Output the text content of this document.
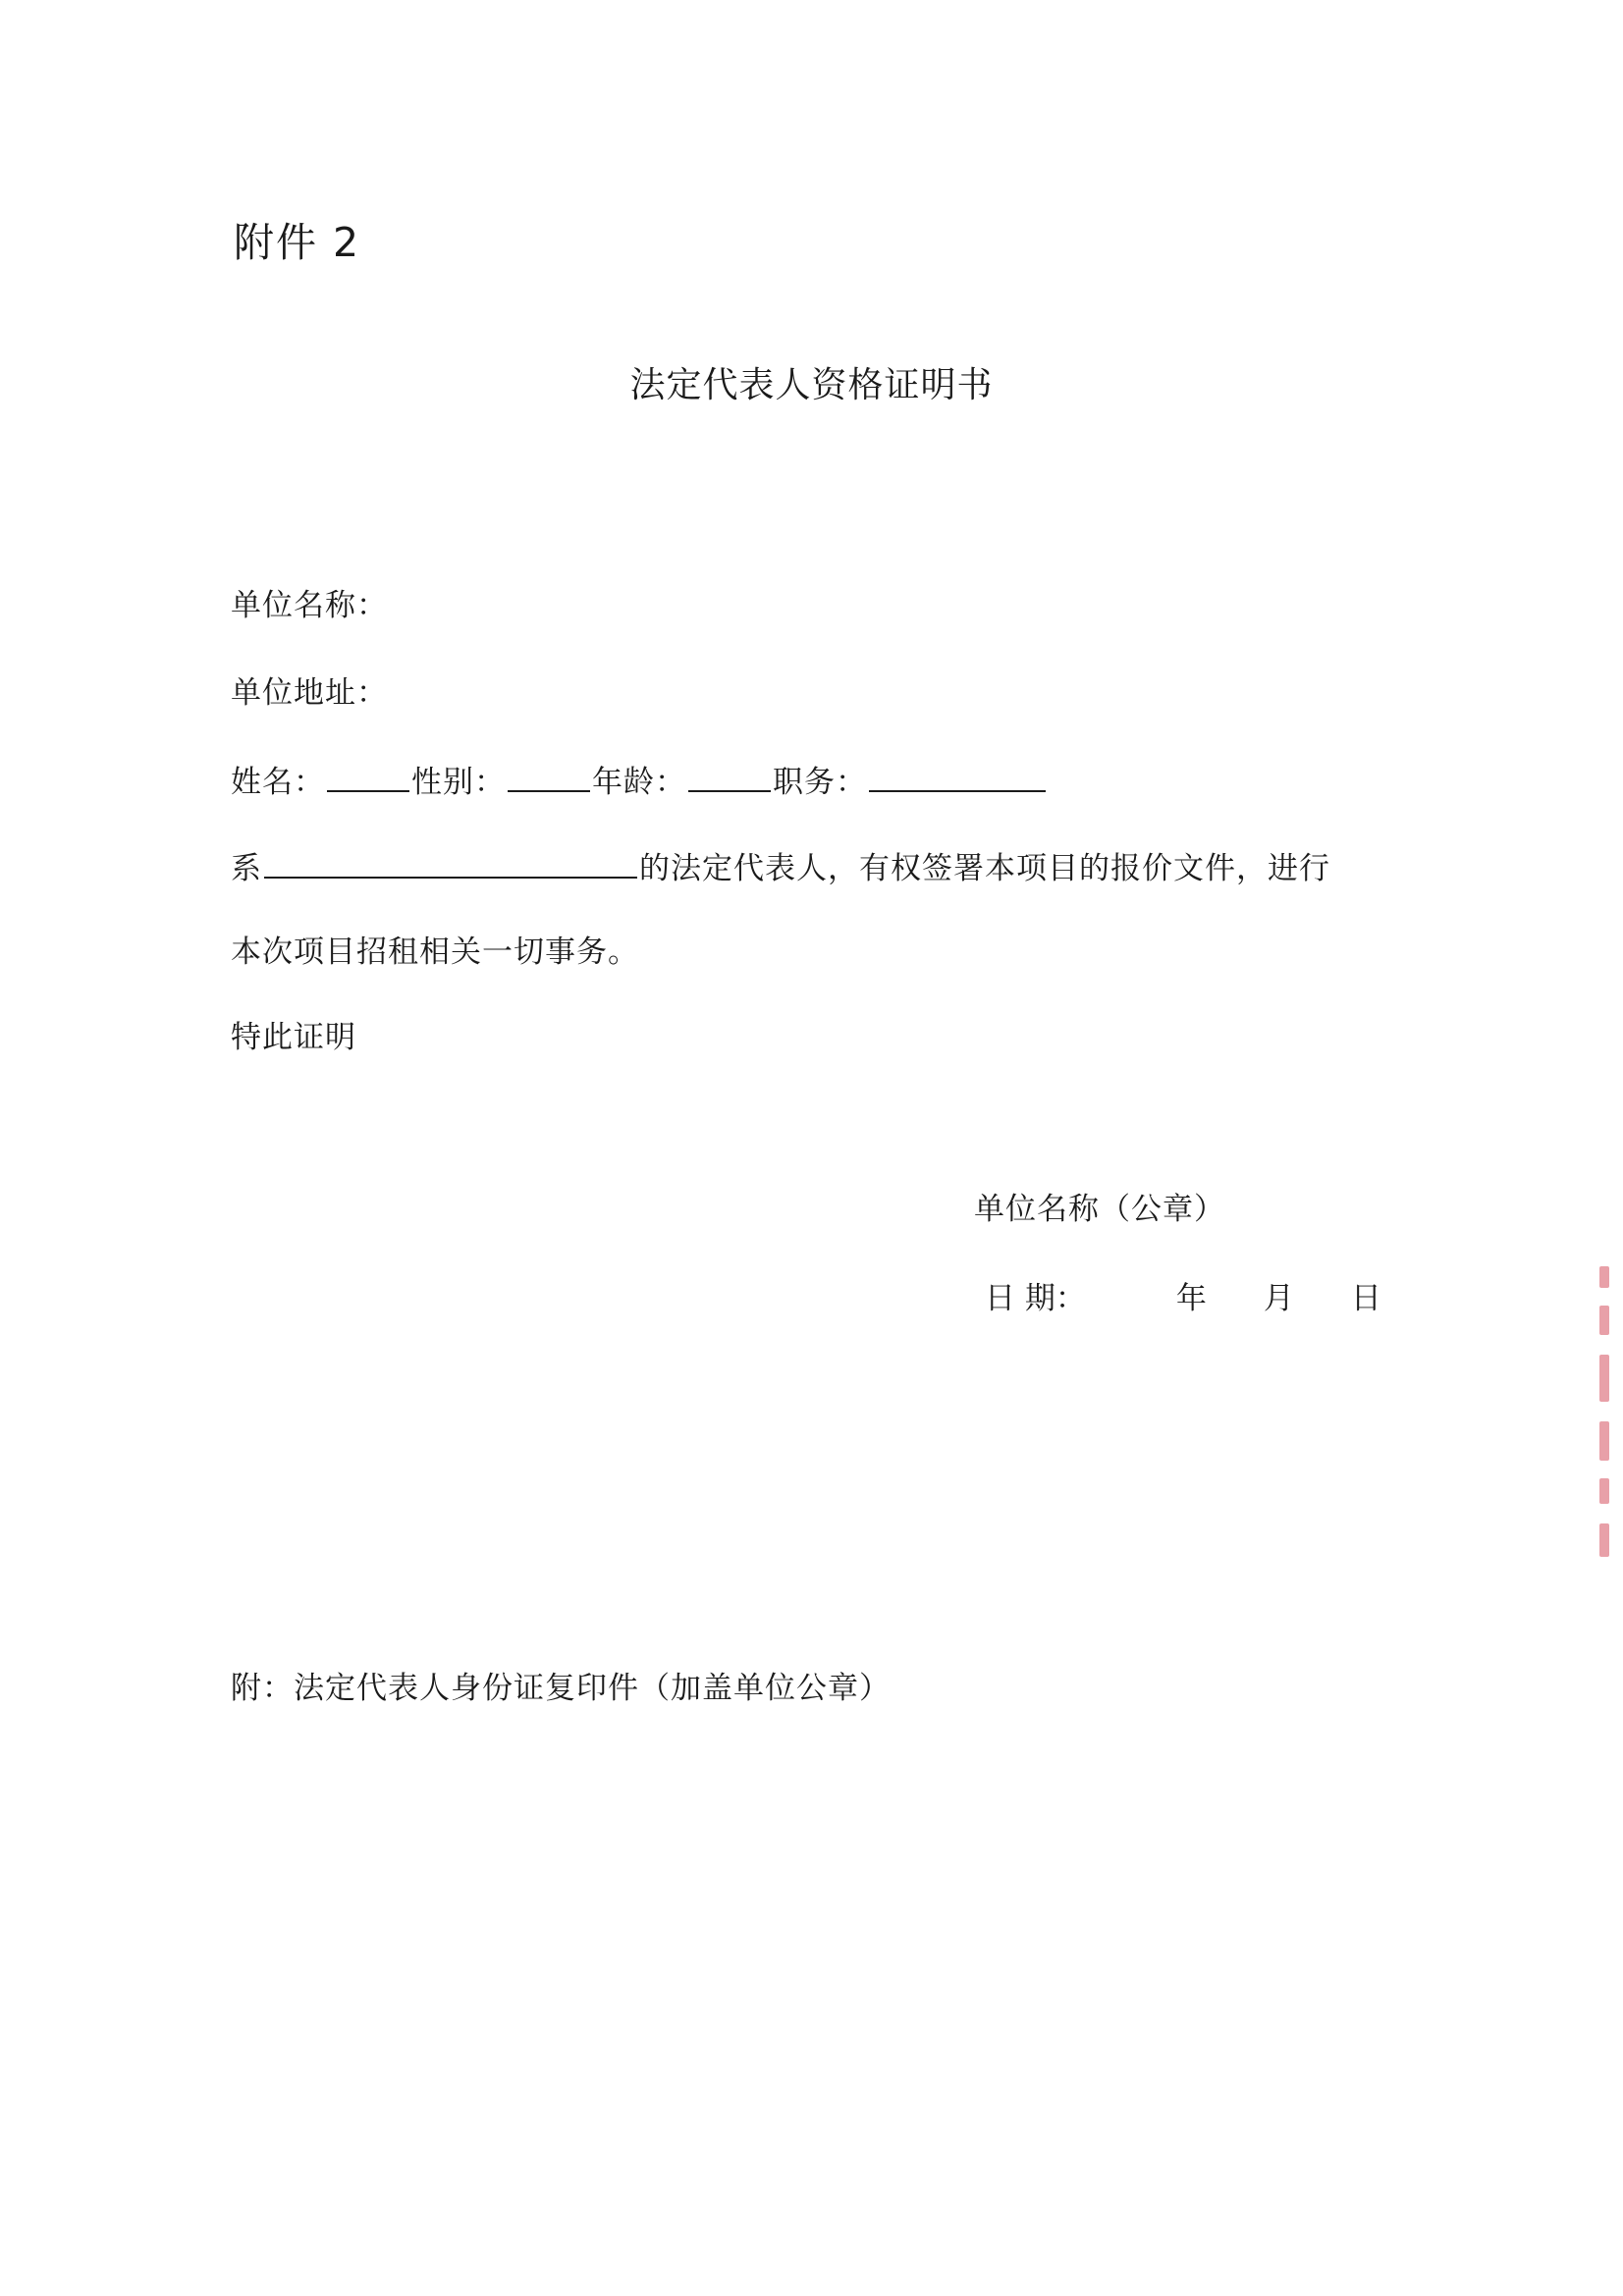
附件 2
法定代表人资格证明书
单位名称：
单位地址：
姓名：	性别：	年龄：	职务：
系	的法定代表人，有权签署本项目的报价文件，进行
本次项目招租相关一切事务。
特此证明
单位名称（公章）
日 期：	年 月 日
附：法定代表人身份证复印件（加盖单位公章）
